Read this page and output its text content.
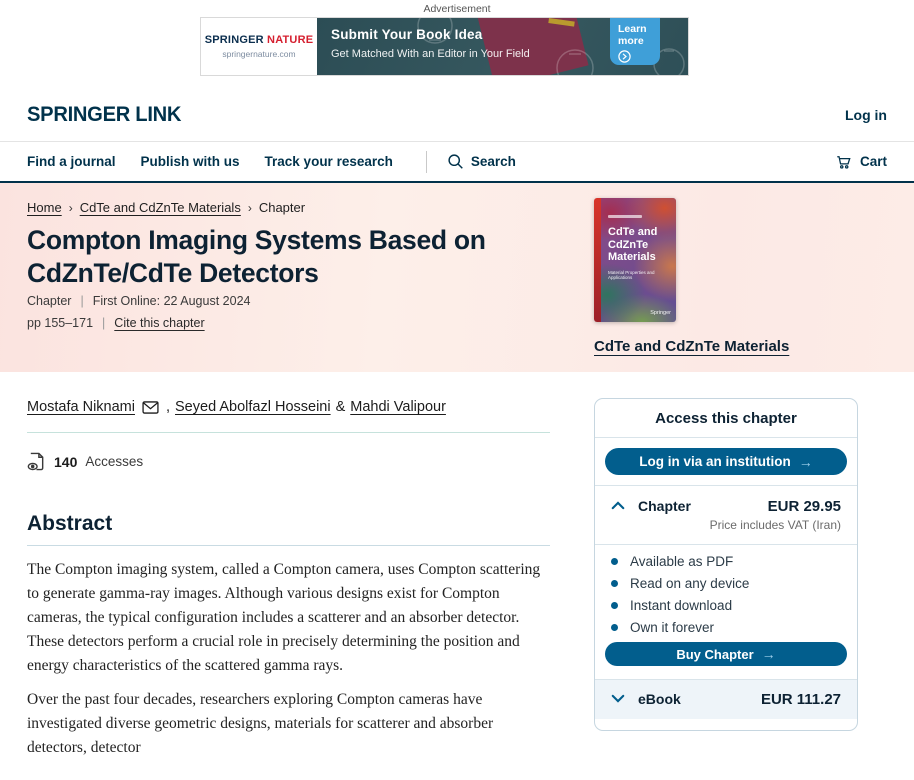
Advertisement
SPRINGER NATURE
springernature.com
Submit Your Book Idea
Get Matched With an Editor in Your Field
Learn more
SPRINGER LINK	Log in
Find a journal Publish with us Track your research	Search	Cart
Home › CdTe and CdZnTe Materials › Chapter
Compton Imaging Systems Based on CdZnTe/CdTe Detectors
Chapter | First Online: 22 August 2024
pp 155–171 | Cite this chapter
CdTe and CdZnTe Materials
Material Properties and Applications
Springer
CdTe and CdZnTe Materials
Mostafa Niknami , Seyed Abolfazl Hosseini & Mahdi Valipour
140 Accesses
Abstract

The Compton imaging system, called a Compton camera, uses Compton scattering to generate gamma-ray images. Although various designs exist for Compton cameras, the typical configuration includes a scatterer and an absorber detector. These detectors perform a crucial role in precisely determining the position and energy characteristics of the scattered gamma rays.

Over the past four decades, researchers exploring Compton cameras have investigated diverse geometric designs, materials for scatterer and absorber detectors, detector

Access this chapter
Log in via an institution →
Chapter	EUR 29.95
Price includes VAT (Iran)
Available as PDF
Read on any device
Instant download
Own it forever
Buy Chapter →
eBook	EUR 111.27
